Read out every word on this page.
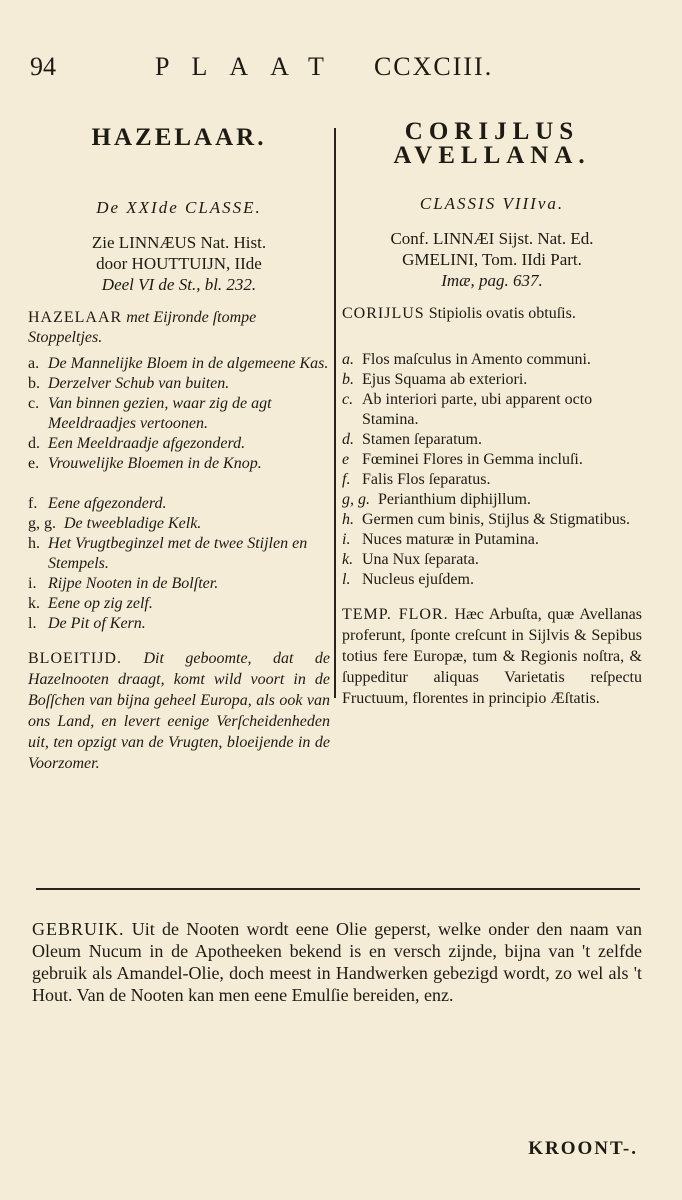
94	PLAAT CCXCIII.
HAZELAAR.
De XXIde CLASSE.
Zie LINNÆUS Nat. Hist.
door HOUTTUIJN, IIde
Deel VI de St., bl. 232.
HAZELAAR met Eijronde ſtompe Stoppeltjes.
a. De Mannelijke Bloem in de algemeene Kas.
b. Derzelver Schub van buiten.
c. Van binnen gezien, waar zig de agt Meeldraadjes vertoonen.
d. Een Meeldraadje afgezonderd.
e. Vrouwelijke Bloemen in de Knop.
f. Eene afgezonderd.
g, g. De tweebladige Kelk.
h. Het Vrugtbeginzel met de twee Stijlen en Stempels.
i. Rijpe Nooten in de Bolſter.
k. Eene op zig zelf.
l. De Pit of Kern.
BLOEITIJD. Dit geboomte, dat de Hazelnooten draagt, komt wild voort in de Boſſchen van bijna geheel Europa, als ook van ons Land, en levert eenige Verſcheidenheden uit, ten opzigt van de Vrugten, bloeijende in de Voorzomer.
CORIJLUS
AVELLANA.
CLASSIS VIIIva.
Conf. LINNÆI Sijst. Nat. Ed.
GMELINI, Tom. IIdi Part.
Imæ, pag. 637.
CORIJLUS Stipiolis ovatis obtuſis.
a. Flos maſculus in Amento communi.
b. Ejus Squama ab exteriori.
c. Ab interiori parte, ubi apparent octo Stamina.
d. Stamen ſeparatum.
e Fœminei Flores in Gemma incluſi.
f. Falis Flos ſeparatus.
g, g. Perianthium diphijllum.
h. Germen cum binis, Stijlus & Stigmatibus.
i. Nuces maturæ in Putamina.
k. Una Nux ſeparata.
l. Nucleus ejuſdem.
TEMP. FLOR. Hæc Arbuſta, quæ Avellanas proferunt, ſponte creſcunt in Sijlvis & Sepibus totius fere Europæ, tum & Regionis noſtra, & ſuppeditur aliquas Varietatis reſpectu Fructuum, florentes in principio Æſtatis.
GEBRUIK. Uit de Nooten wordt eene Olie geperst, welke onder den naam van Oleum Nucum in de Apotheeken bekend is en versch zijnde, bijna van 't zelfde gebruik als Amandel-Olie, doch meest in Handwerken gebezigd wordt, zo wel als 't Hout. Van de Nooten kan men eene Emulſie bereiden, enz.
KROONT-.
